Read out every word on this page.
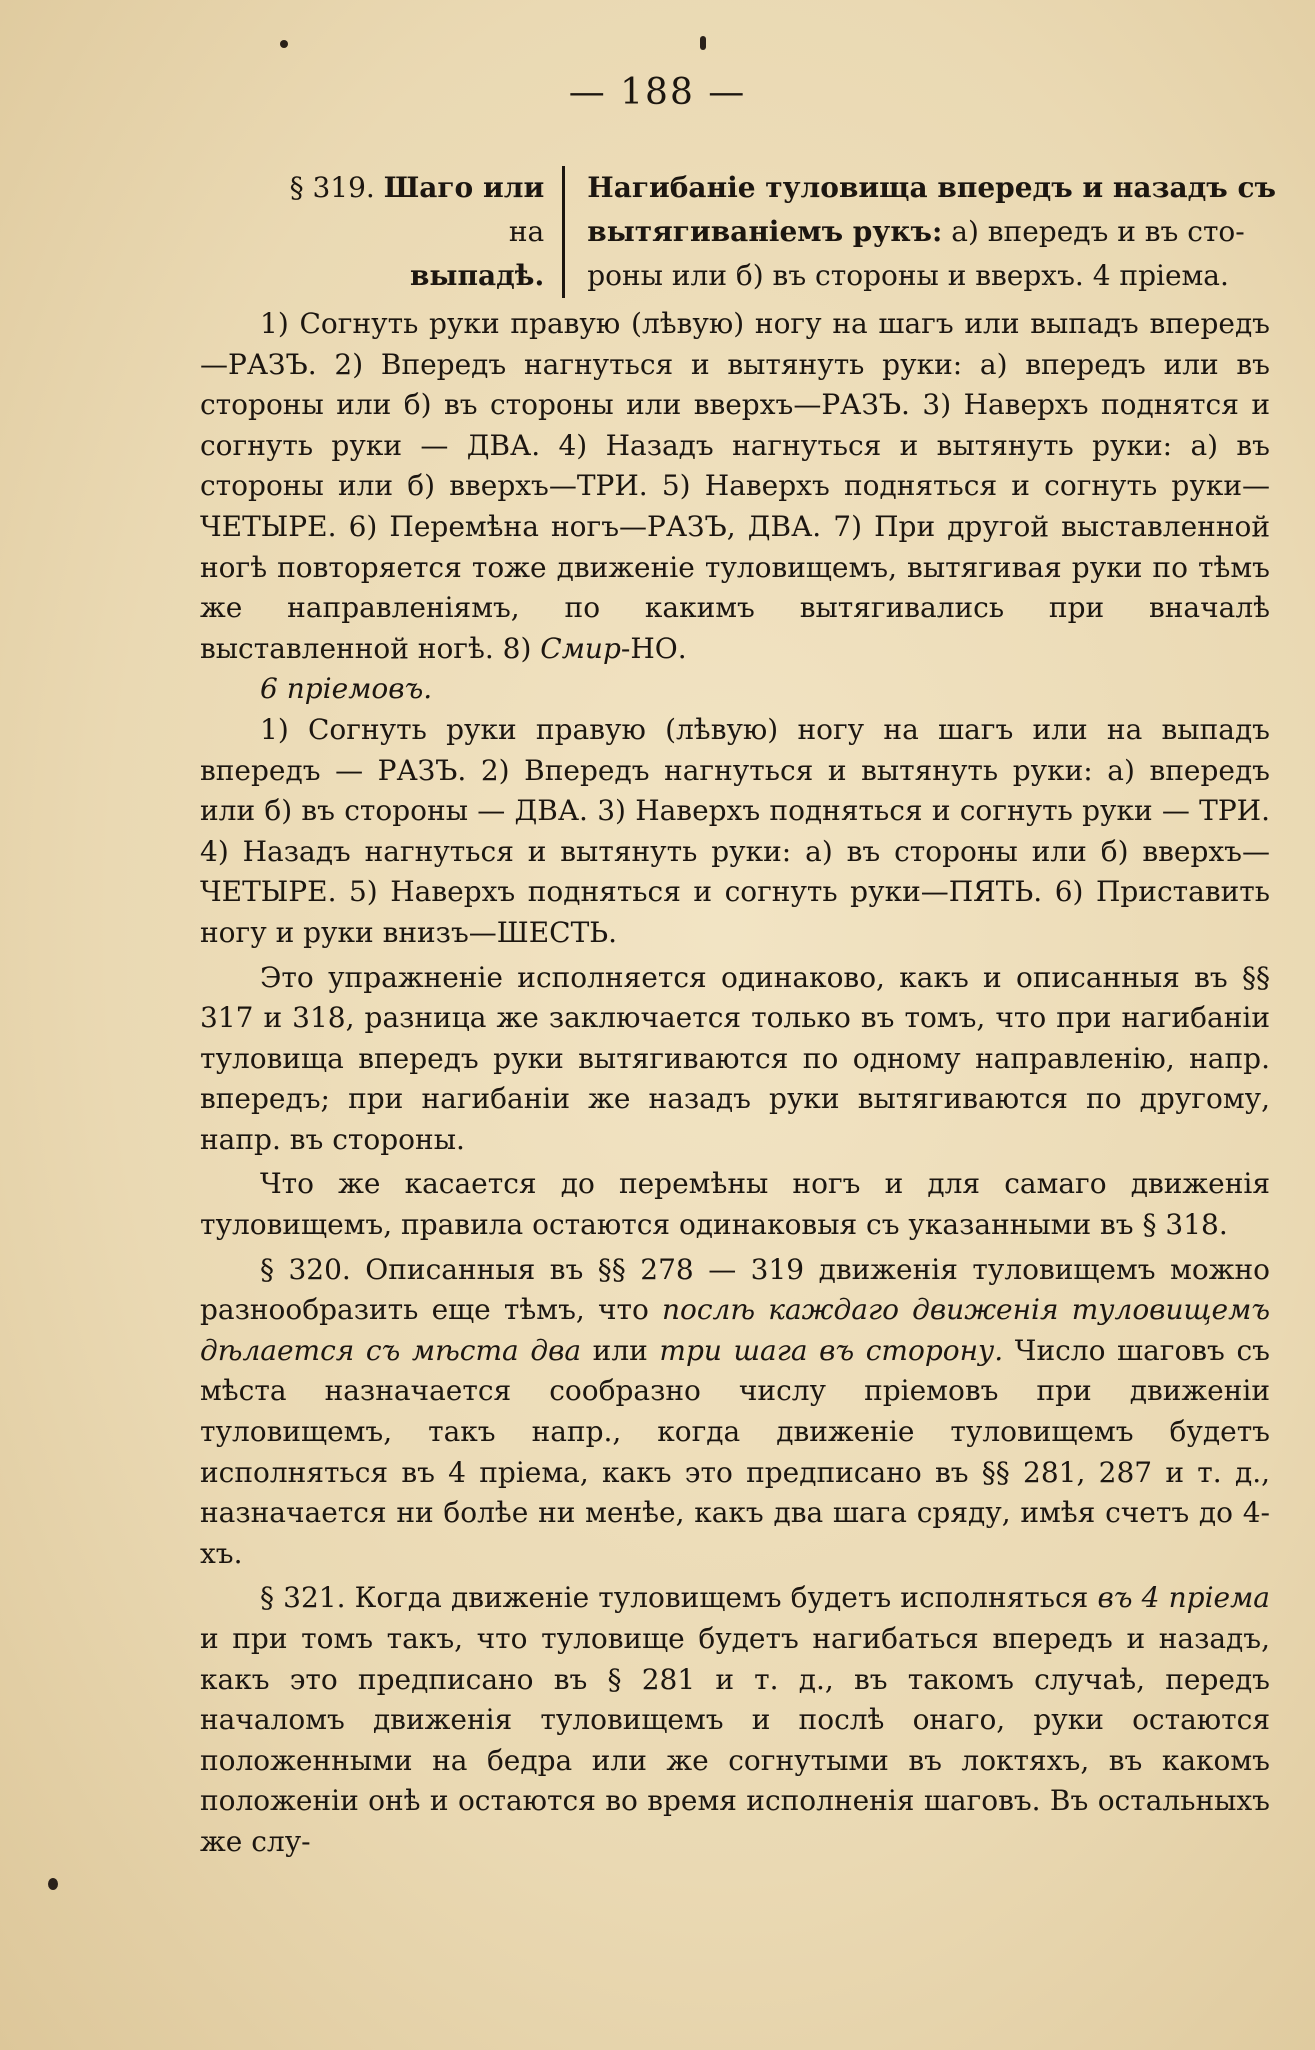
— 188 —
§ 319. Шаго или
на
выпадѣ.
Нагибаніе туловища впередъ и назадъ съ
вытягиваніемъ рукъ: а) впередъ и въ сто-
роны или б) въ стороны и вверхъ. 4 пріема.

1) Согнуть руки правую (лѣвую) ногу на шагъ или выпадъ впередъ—РАЗЪ. 2) Впередъ нагнуться и вытянуть руки: а) впередъ или въ стороны или б) въ стороны или вверхъ—РАЗЪ. 3) Наверхъ поднятся и согнуть руки — ДВА. 4) Назадъ нагнуться и вытянуть руки: а) въ стороны или б) вверхъ—ТРИ. 5) Наверхъ подняться и согнуть руки—ЧЕТЫРЕ. 6) Перемѣна ногъ—РАЗЪ, ДВА. 7) При другой выставленной ногѣ повторяется тоже движеніе туловищемъ, вытягивая руки по тѣмъ же направленіямъ, по какимъ вытягивались при вначалѣ выставленной ногѣ. 8) Смир-НО.

6 пріемовъ.

1) Согнуть руки правую (лѣвую) ногу на шагъ или на выпадъ впередъ — РАЗЪ. 2) Впередъ нагнуться и вытянуть руки: а) впередъ или б) въ стороны — ДВА. 3) Наверхъ подняться и согнуть руки — ТРИ. 4) Назадъ нагнуться и вытянуть руки: а) въ стороны или б) вверхъ—ЧЕТЫРЕ. 5) Наверхъ подняться и согнуть руки—ПЯТЬ. 6) Приставить ногу и руки внизъ—ШЕСТЬ.

Это упражненіе исполняется одинаково, какъ и описанныя въ §§ 317 и 318, разница же заключается только въ томъ, что при нагибаніи туловища впередъ руки вытягиваются по одному направленію, напр. впередъ; при нагибаніи же назадъ руки вытягиваются по другому, напр. въ стороны.

Что же касается до перемѣны ногъ и для самаго движенія туловищемъ, правила остаются одинаковыя съ указанными въ § 318.

§ 320. Описанныя въ §§ 278 — 319 движенія туловищемъ можно разнообразить еще тѣмъ, что послѣ каждаго движенія туловищемъ дѣлается съ мѣста два или три шага въ сторону. Число шаговъ съ мѣста назначается сообразно числу пріемовъ при движеніи туловищемъ, такъ напр., когда движеніе туловищемъ будетъ исполняться въ 4 пріема, какъ это предписано въ §§ 281, 287 и т. д., назначается ни болѣе ни менѣе, какъ два шага сряду, имѣя счетъ до 4-хъ.

§ 321. Когда движеніе туловищемъ будетъ исполняться въ 4 пріема и при томъ такъ, что туловище будетъ нагибаться впередъ и назадъ, какъ это предписано въ § 281 и т. д., въ такомъ случаѣ, передъ началомъ движенія туловищемъ и послѣ онаго, руки остаются положенными на бедра или же согнутыми въ локтяхъ, въ какомъ положеніи онѣ и остаются во время исполненія шаговъ. Въ остальныхъ же слу-
